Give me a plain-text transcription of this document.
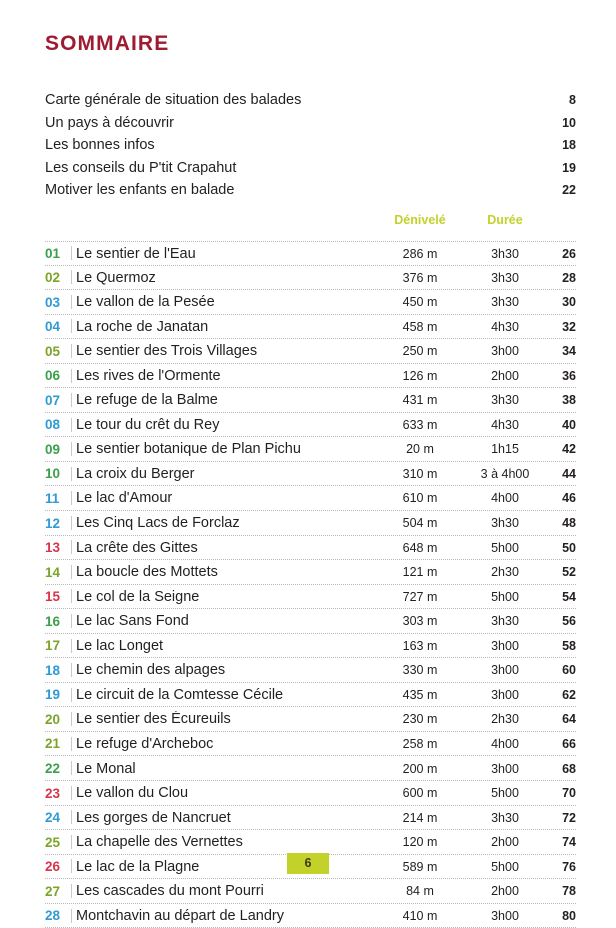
SOMMAIRE
Carte générale de situation des balades	8
Un pays à découvrir	10
Les bonnes infos	18
Les conseils du P'tit Crapahut	19
Motiver les enfants en balade	22
Dénivelé	Durée
01	Le sentier de l'Eau	286 m	3h30	26
02	Le Quermoz	376 m	3h30	28
03	Le vallon de la Pesée	450 m	3h30	30
04	La roche de Janatan	458 m	4h30	32
05	Le sentier des Trois Villages	250 m	3h00	34
06	Les rives de l'Ormente	126 m	2h00	36
07	Le refuge de la Balme	431 m	3h30	38
08	Le tour du crêt du Rey	633 m	4h30	40
09	Le sentier botanique de Plan Pichu	20 m	1h15	42
10	La croix du Berger	310 m	3 à 4h00	44
11	Le lac d'Amour	610 m	4h00	46
12	Les Cinq Lacs de Forclaz	504 m	3h30	48
13	La crête des Gittes	648 m	5h00	50
14	La boucle des Mottets	121 m	2h30	52
15	Le col de la Seigne	727 m	5h00	54
16	Le lac Sans Fond	303 m	3h30	56
17	Le lac Longet	163 m	3h00	58
18	Le chemin des alpages	330 m	3h00	60
19	Le circuit de la Comtesse Cécile	435 m	3h00	62
20	Le sentier des Écureuils	230 m	2h30	64
21	Le refuge d'Archeboc	258 m	4h00	66
22	Le Monal	200 m	3h00	68
23	Le vallon du Clou	600 m	5h00	70
24	Les gorges de Nancruet	214 m	3h30	72
25	La chapelle des Vernettes	120 m	2h00	74
26	Le lac de la Plagne	589 m	5h00	76
27	Les cascades du mont Pourri	84 m	2h00	78
28	Montchavin au départ de Landry	410 m	3h00	80
6
